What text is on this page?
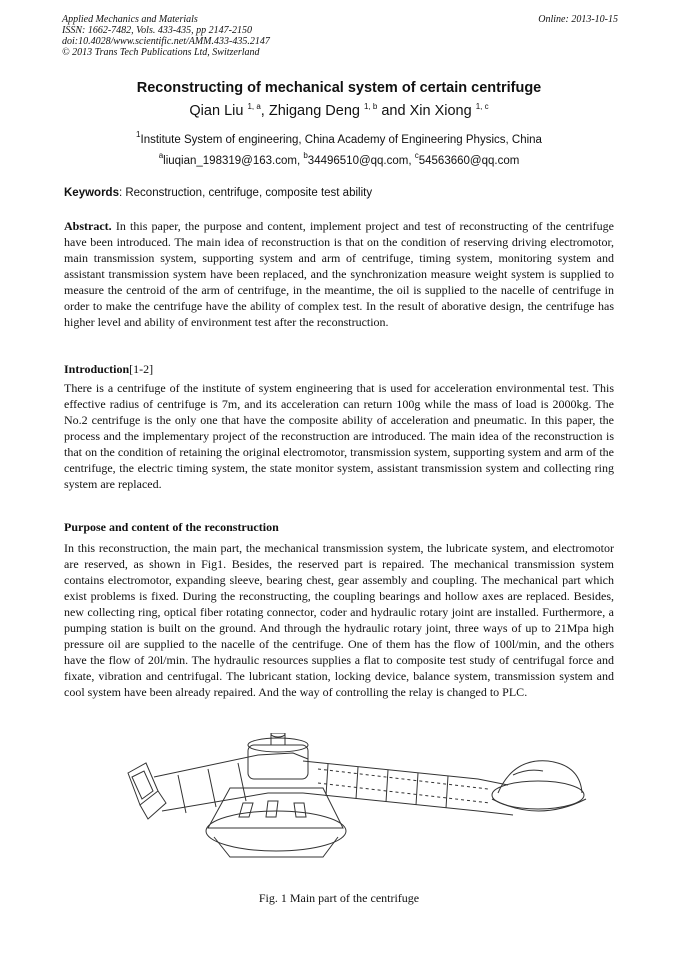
Applied Mechanics and Materials
ISSN: 1662-7482, Vols. 433-435, pp 2147-2150
doi:10.4028/www.scientific.net/AMM.433-435.2147
© 2013 Trans Tech Publications Ltd, Switzerland
Online: 2013-10-15
Reconstructing of mechanical system of certain centrifuge
Qian Liu $^{1, a}$, Zhigang Deng $^{1, b}$ and Xin Xiong $^{1, c}$
$^1$Institute System of engineering, China Academy of Engineering Physics, China
$^a$liuqian_198319@163.com, $^b$34496510@qq.com, $^c$54563660@qq.com
Keywords: Reconstruction, centrifuge, composite test ability
Abstract. In this paper, the purpose and content, implement project and test of reconstructing of the centrifuge have been introduced. The main idea of reconstruction is that on the condition of reserving driving electromotor, main transmission system, supporting system and arm of centrifuge, timing system, monitoring system and assistant transmission system have been replaced, and the synchronization measure weight system is supplied to measure the centroid of the arm of centrifuge, in the meantime, the oil is supplied to the nacelle of centrifuge in order to make the centrifuge have the ability of complex test. In the result of aborative design, the centrifuge has higher level and ability of environment test after the reconstruction.
Introduction[1-2]
There is a centrifuge of the institute of system engineering that is used for acceleration environmental test. This effective radius of centrifuge is 7m, and its acceleration can return 100g while the mass of load is 2000kg. The No.2 centrifuge is the only one that have the composite ability of acceleration and pneumatic. In this paper, the process and the implementary project of the reconstruction are introduced. The main idea of the reconstruction is that on the condition of retaining the original electromotor, transmission system, supporting system and arm of the centrifuge, the electric timing system, the state monitor system, assistant transmission system and collecting ring system are replaced.
Purpose and content of the reconstruction
In this reconstruction, the main part, the mechanical transmission system, the lubricate system, and electromotor are reserved, as shown in Fig1. Besides, the reserved part is repaired. The mechanical transmission system contains electromotor, expanding sleeve, bearing chest, gear assembly and coupling. The mechanical part which exist problems is fixed. During the reconstructing, the coupling bearings and hollow axes are replaced. Besides, new collecting ring, optical fiber rotating connector, coder and hydraulic rotary joint are installed. Furthermore, a pumping station is built on the ground. And through the hydraulic rotary joint, three ways of up to 21Mpa high pressure oil are supplied to the nacelle of the centrifuge. One of them has the flow of 100l/min, and the others have the flow of 20l/min. The hydraulic resources supplies a flat to composite test study of centrifugal force and fixate, vibration and centrifugal. The lubricant station, locking device, balance system, transmission system and cool system have been already repaired. And the way of controlling the relay is changed to PLC.
Fig. 1 Main part of the centrifuge
